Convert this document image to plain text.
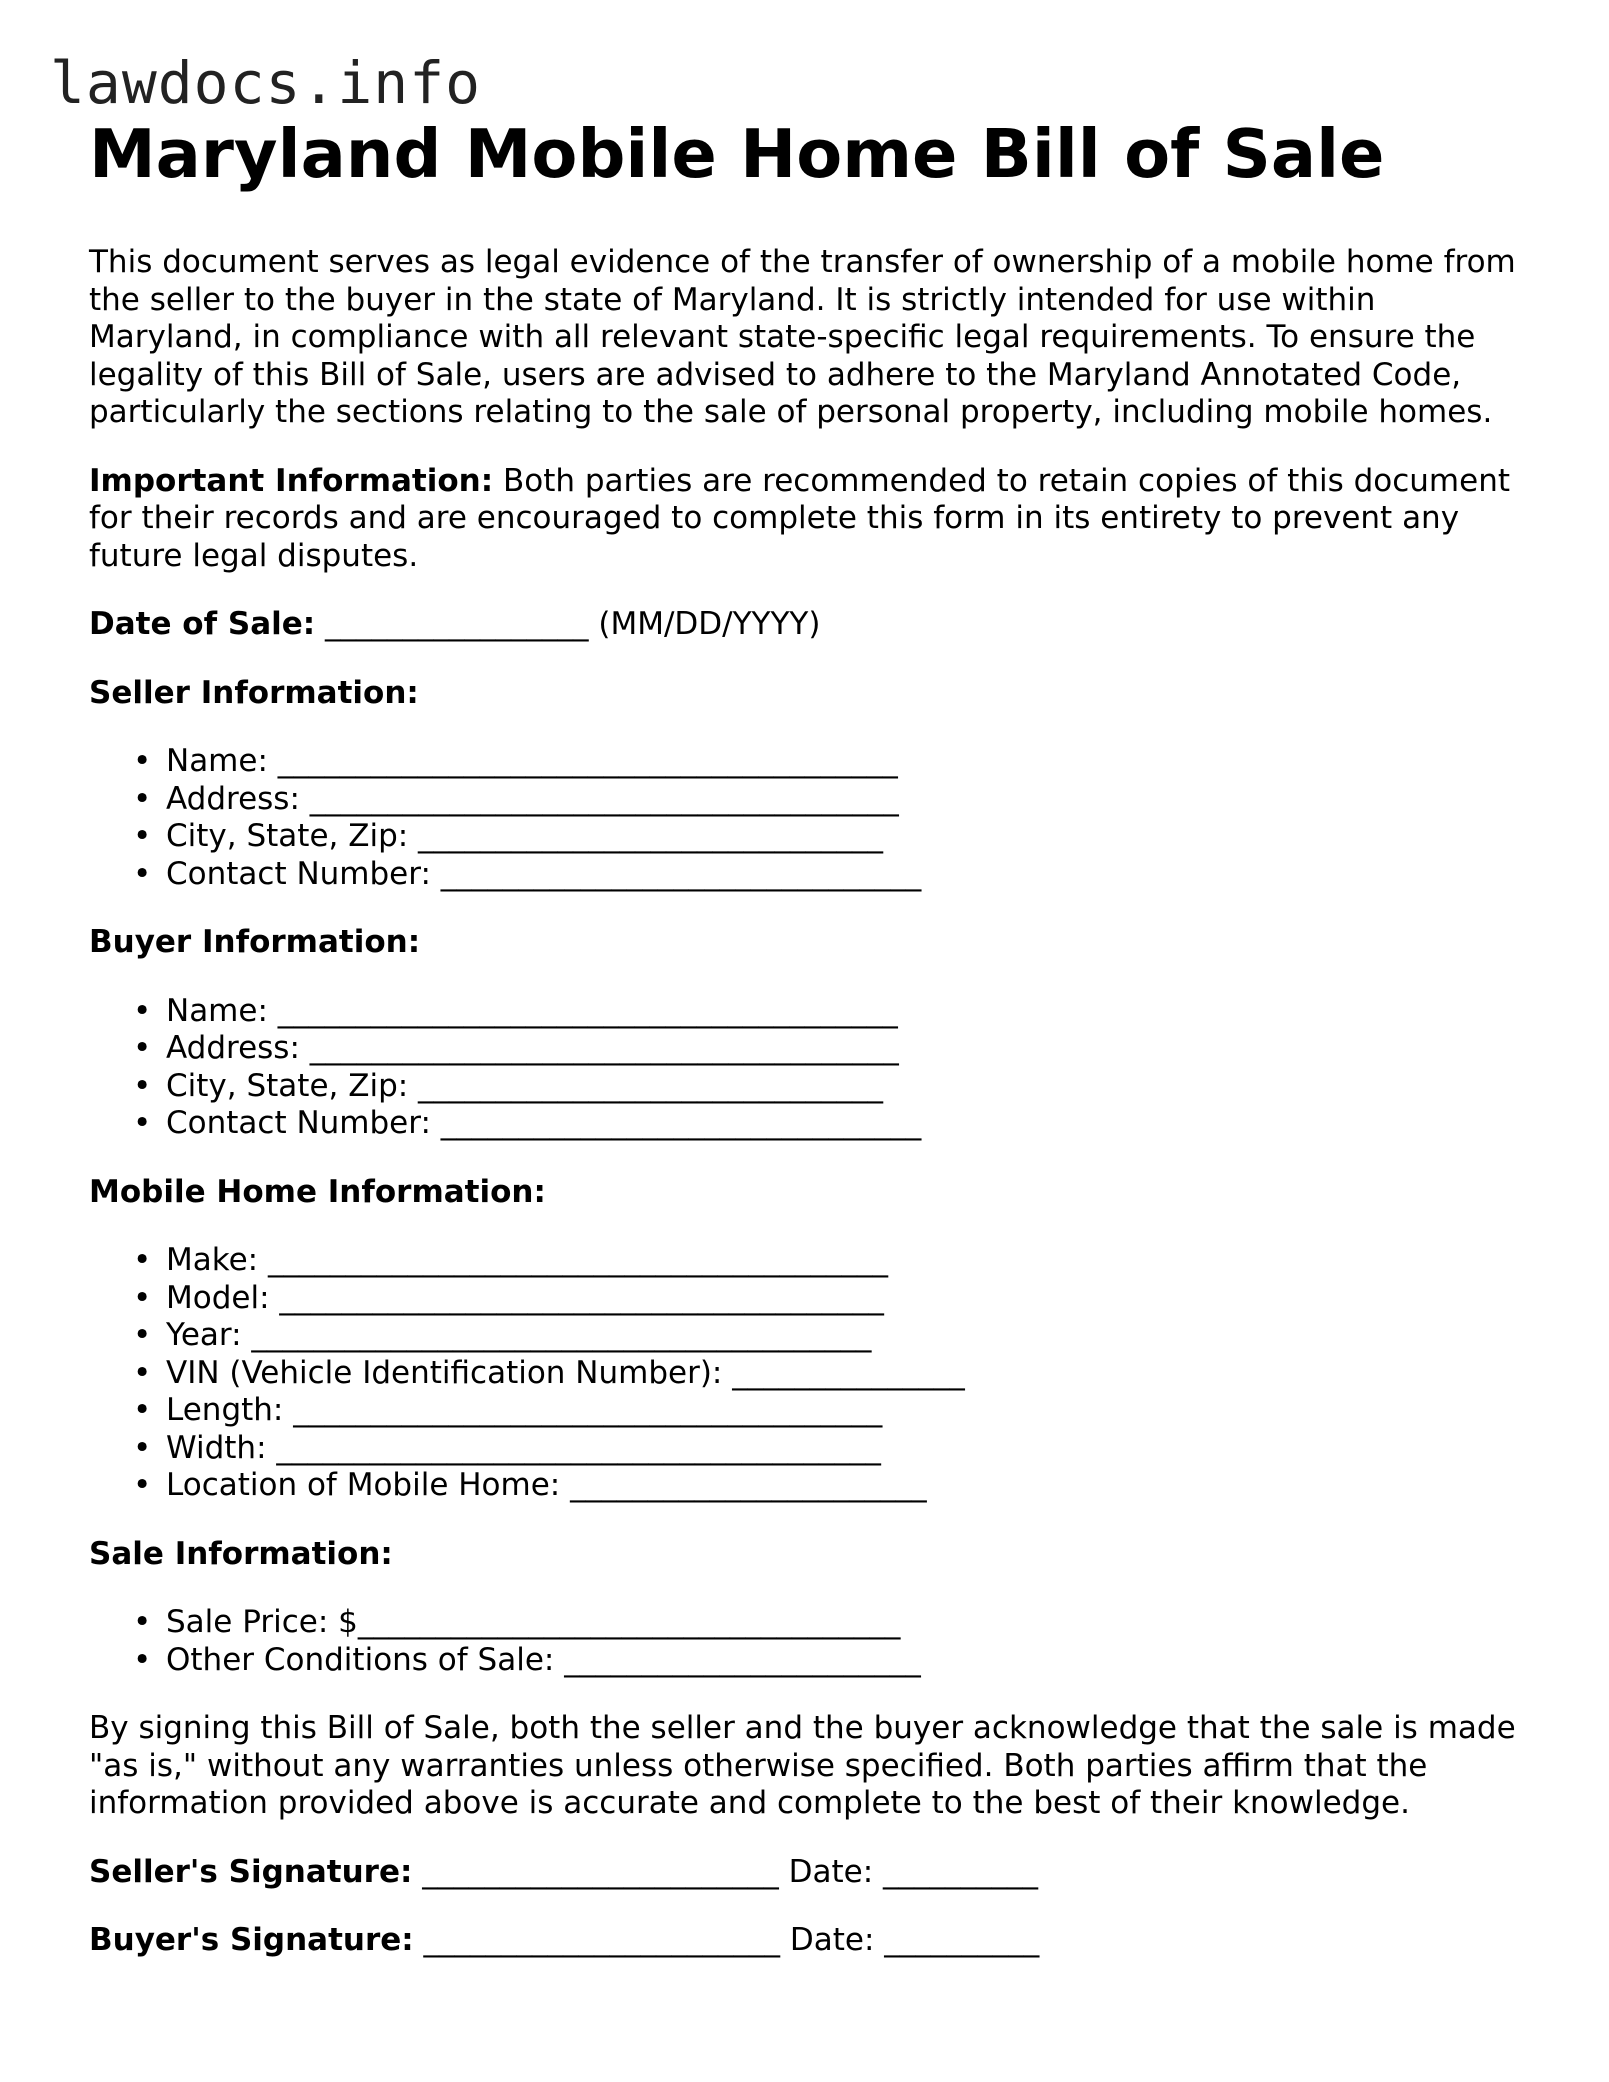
lawdocs.info
Maryland Mobile Home Bill of Sale

This document serves as legal evidence of the transfer of ownership of a mobile home from the seller to the buyer in the state of Maryland. It is strictly intended for use within Maryland, in compliance with all relevant state-specific legal requirements. To ensure the legality of this Bill of Sale, users are advised to adhere to the Maryland Annotated Code, particularly the sections relating to the sale of personal property, including mobile homes.

Important Information: Both parties are recommended to retain copies of this document for their records and are encouraged to complete this form in its entirety to prevent any future legal disputes.

Date of Sale: _________________ (MM/DD/YYYY)

Seller Information:

• Name: ________________________________________
• Address: ______________________________________
• City, State, Zip: ______________________________
• Contact Number: _______________________________

Buyer Information:

• Name: ________________________________________
• Address: ______________________________________
• City, State, Zip: ______________________________
• Contact Number: _______________________________

Mobile Home Information:

• Make: ________________________________________
• Model: _______________________________________
• Year: ________________________________________
• VIN (Vehicle Identification Number): _______________
• Length: ______________________________________
• Width: _______________________________________
• Location of Mobile Home: _______________________

Sale Information:

• Sale Price: $___________________________________
• Other Conditions of Sale: _______________________

By signing this Bill of Sale, both the seller and the buyer acknowledge that the sale is made "as is," without any warranties unless otherwise specified. Both parties affirm that the information provided above is accurate and complete to the best of their knowledge.

Seller's Signature: _______________________ Date: __________

Buyer's Signature: _______________________ Date: __________
